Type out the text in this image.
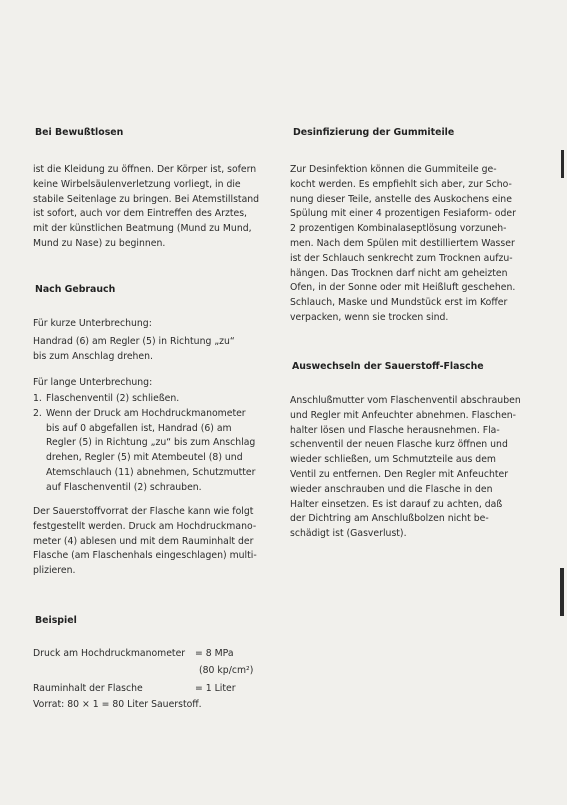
Bei Bewußtlosen
ist die Kleidung zu öffnen. Der Körper ist, sofern
keine Wirbelsäulenverletzung vorliegt, in die
stabile Seitenlage zu bringen. Bei Atemstillstand
ist sofort, auch vor dem Eintreffen des Arztes,
mit der künstlichen Beatmung (Mund zu Mund,
Mund zu Nase) zu beginnen.
Nach Gebrauch
Für kurze Unterbrechung:
Handrad (6) am Regler (5) in Richtung „zu“
bis zum Anschlag drehen.
Für lange Unterbrechung:
1. Flaschenventil (2) schließen.
2. Wenn der Druck am Hochdruckmanometer
bis auf 0 abgefallen ist, Handrad (6) am
Regler (5) in Richtung „zu“ bis zum Anschlag
drehen, Regler (5) mit Atembeutel (8) und
Atemschlauch (11) abnehmen, Schutzmutter
auf Flaschenventil (2) schrauben.
Der Sauerstoffvorrat der Flasche kann wie folgt
festgestellt werden. Druck am Hochdruckmano-
meter (4) ablesen und mit dem Rauminhalt der
Flasche (am Flaschenhals eingeschlagen) multi-
plizieren.
Beispiel
Druck am Hochdruckmanometer = 8 MPa
(80 kp/cm²)
Rauminhalt der Flasche	= 1 Liter
Vorrat: 80 × 1 = 80 Liter Sauerstoff.
Desinfizierung der Gummiteile
Zur Desinfektion können die Gummiteile ge-
kocht werden. Es empfiehlt sich aber, zur Scho-
nung dieser Teile, anstelle des Auskochens eine
Spülung mit einer 4 prozentigen Fesiaform- oder
2 prozentigen Kombinalaseptlösung vorzuneh-
men. Nach dem Spülen mit destilliertem Wasser
ist der Schlauch senkrecht zum Trocknen aufzu-
hängen. Das Trocknen darf nicht am geheizten
Ofen, in der Sonne oder mit Heißluft geschehen.
Schlauch, Maske und Mundstück erst im Koffer
verpacken, wenn sie trocken sind.
Auswechseln der Sauerstoff-Flasche
Anschlußmutter vom Flaschenventil abschrauben
und Regler mit Anfeuchter abnehmen. Flaschen-
halter lösen und Flasche herausnehmen. Fla-
schenventil der neuen Flasche kurz öffnen und
wieder schließen, um Schmutzteile aus dem
Ventil zu entfernen. Den Regler mit Anfeuchter
wieder anschrauben und die Flasche in den
Halter einsetzen. Es ist darauf zu achten, daß
der Dichtring am Anschlußbolzen nicht be-
schädigt ist (Gasverlust).
